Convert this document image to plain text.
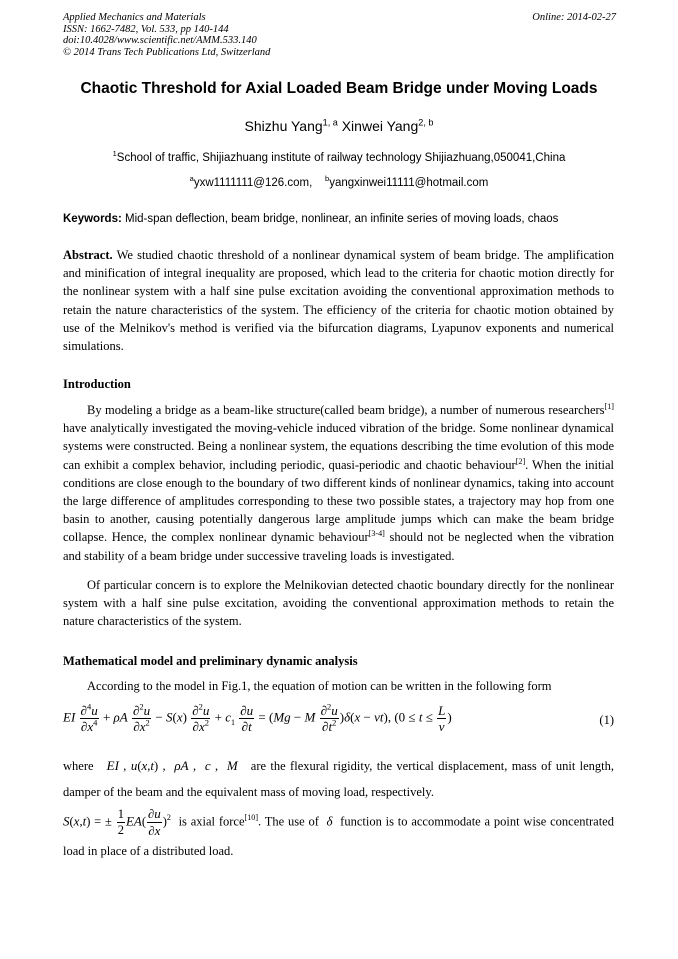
Applied Mechanics and Materials
ISSN: 1662-7482, Vol. 533, pp 140-144
doi:10.4028/www.scientific.net/AMM.533.140
© 2014 Trans Tech Publications Ltd, Switzerland
Online: 2014-02-27
Chaotic Threshold for Axial Loaded Beam Bridge under Moving Loads
Shizhu Yang$^{1, a}$ Xinwei Yang$^{2, b}$
$^1$School of traffic, Shijiazhuang institute of railway technology Shijiazhuang,050041,China
$^a$yxw1111111@126.com, $^b$yangxinwei11111@hotmail.com
Keywords: Mid-span deflection, beam bridge, nonlinear, an infinite series of moving loads, chaos
Abstract. We studied chaotic threshold of a nonlinear dynamical system of beam bridge. The amplification and minification of integral inequality are proposed, which lead to the criteria for chaotic motion directly for the nonlinear system with a half sine pulse excitation avoiding the conventional approximation methods to retain the nature characteristics of the system. The efficiency of the criteria for chaotic motion obtained by use of the Melnikov's method is verified via the bifurcation diagrams, Lyapunov exponents and numerical simulations.
Introduction
By modeling a bridge as a beam-like structure(called beam bridge), a number of numerous researchers[1] have analytically investigated the moving-vehicle induced vibration of the bridge. Some nonlinear dynamical systems were constructed. Being a nonlinear system, the equations describing the time evolution of this mode can exhibit a complex behavior, including periodic, quasi-periodic and chaotic behaviour[2]. When the initial conditions are close enough to the boundary of two different kinds of nonlinear dynamics, taking into account the large difference of amplitudes corresponding to these two possible states, a trajectory may hop from one basin to another, causing potentially dangerous large amplitude jumps which can make the beam bridge collapse. Hence, the complex nonlinear dynamic behaviour[3-4] should not be neglected when the vibration and stability of a beam bridge under successive traveling loads is investigated.
Of particular concern is to explore the Melnikovian detected chaotic boundary directly for the nonlinear system with a half sine pulse excitation, avoiding the conventional approximation methods to retain the nature characteristics of the system.
Mathematical model and preliminary dynamic analysis
According to the model in Fig.1, the equation of motion can be written in the following form
EI $\frac{\partial^4u}{\partial x^4} + \rho A \frac{\partial^2u}{\partial x^2} - S(x) \frac{\partial^2u}{\partial x^2} + c_1 \frac{\partial u}{\partial t} = (Mg - M \frac{\partial^2u}{\partial t^2} )\delta(x - vt)$, ($0 \le t \le \frac{L}{v}$ )	(1)
where EI , u(x,t) ,  ρA ,  c ,  M are the flexural rigidity, the vertical displacement, mass of unit length, damper of the beam and the equivalent mass of moving load, respectively.
S(x,t) = ± $\frac{1}{2} EA( \frac{\partial u}{\partial x} )^2$ is axial force[10]. The use of δ function is to accommodate a point wise concentrated load in place of a distributed load.
